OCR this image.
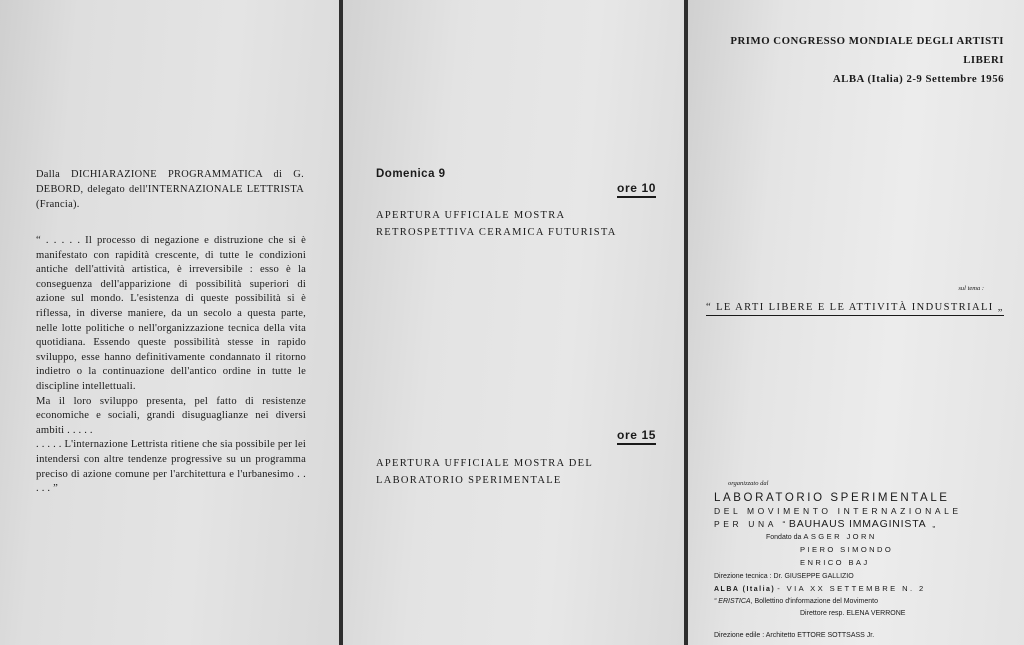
Dalla DICHIARAZIONE PROGRAMMATICA di G. DEBORD, delegato dell'INTERNAZIONALE LETTRISTA (Francia).

“ . . . . . Il processo di negazione e distruzione che si è manifestato con rapidità crescente, di tutte le condizioni antiche dell'attività artistica, è irreversibile : esso è la conseguenza dell'apparizione di possibilità superiori di azione sul mondo. L'esistenza di queste possibilità si è riflessa, in diverse maniere, da un secolo a questa parte, nelle lotte politiche o nell'organizzazione tecnica della vita quotidiana. Essendo queste possibilità stesse in rapido sviluppo, esse hanno definitivamente condannato il ritorno indietro o la continuazione dell'antico ordine in tutte le discipline intellettuali.

Ma il loro sviluppo presenta, pel fatto di resistenze economiche e sociali, grandi disuguaglianze nei diversi ambiti . . . . .

. . . . . L'internazione Lettrista ritiene che sia possibile per lei intendersi con altre tendenze progressive su un programma preciso di azione comune per l'architettura e l'urbanesimo . . . . . ”

Domenica 9
ore 10
APERTURA UFFICIALE MOSTRA RETROSPETTIVA CERAMICA FUTURISTA
ore 15
APERTURA UFFICIALE MOSTRA DEL LABORATORIO SPERIMENTALE
PRIMO CONGRESSO MONDIALE DEGLI ARTISTI LIBERI
ALBA (Italia) 2-9 Settembre 1956
sul tema :
“ LE ARTI LIBERE E LE ATTIVITÀ INDUSTRIALI „
organizzato dal
LABORATORIO SPERIMENTALE
DEL MOVIMENTO INTERNAZIONALE
PER UNA “BAUHAUS IMMAGINISTA „
Fondato da ASGER JORN
PIERO SIMONDO
ENRICO BAJ
Direzione tecnica : Dr. GIUSEPPE GALLIZIO
ALBA (Italia) - VIA XX SETTEMBRE N. 2
“ ERISTICA, Bollettino d'informazione del Movimento
Direttore resp. ELENA VERRONE
Direzione edile : Architetto ETTORE SOTTSASS Jr.
